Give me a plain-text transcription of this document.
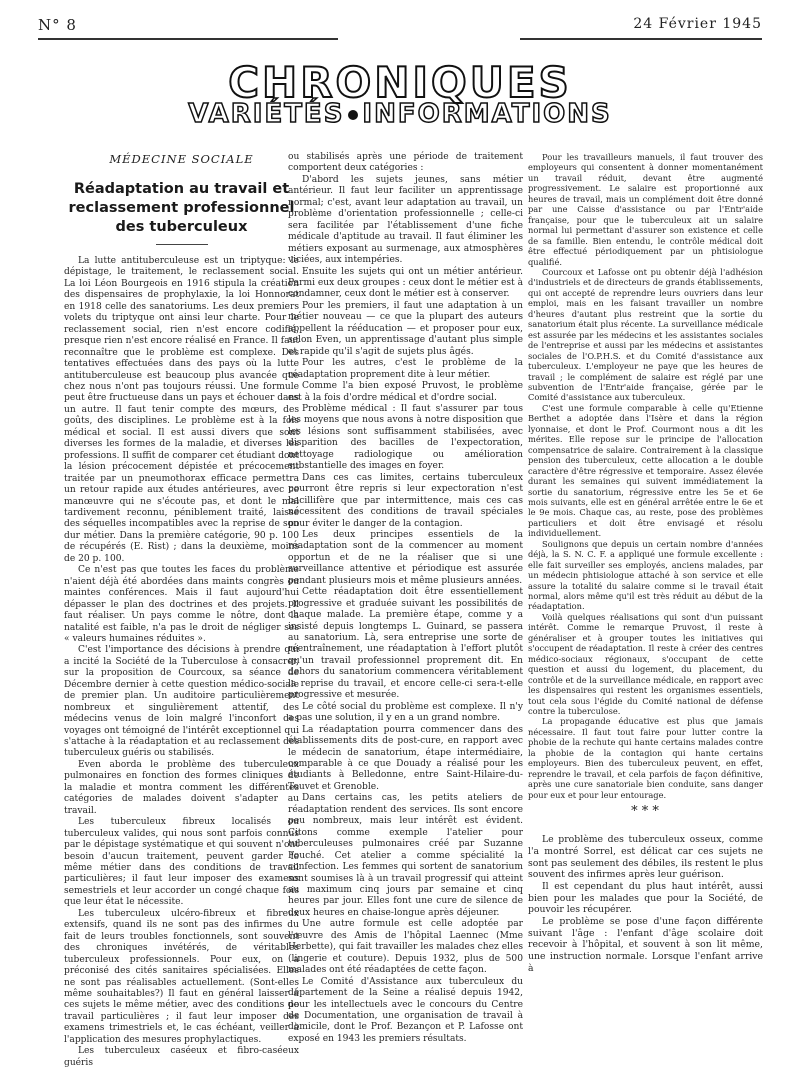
N° 8	24 Février 1945
CHRONIQUES
VARIÉTÉS INFORMATIONS
MÉDECINE SOCIALE
Réadaptation au travail et reclassement professionnel des tuberculeux

La lutte antituberculeuse est un triptyque: le dépistage, le traitement, le reclassement social. La loi Léon Bourgeois en 1916 stipula la création des dispensaires de prophylaxie, la loi Honnorat en 1918 celle des sanatoriums. Les deux premiers volets du triptyque ont ainsi leur charte. Pour le reclassement social, rien n'est encore codifié, presque rien n'est encore réalisé en France. Il faut reconnaître que le problème est complexe. Des tentatives effectuées dans des pays où la lutte antituberculeuse est beaucoup plus avancée que chez nous n'ont pas toujours réussi. Une formule peut être fructueuse dans un pays et échouer dans un autre. Il faut tenir compte des mœurs, des goûts, des disciplines. Le problème est à la fois médical et social. Il est aussi divers que sont diverses les formes de la maladie, et diverses les professions. Il suffit de comparer cet étudiant dont la lésion précocement dépistée et précocement traitée par un pneumothorax efficace permettra un retour rapide aux études antérieures, avec ce manœuvre qui ne s'écoute pas, et dont le mal tardivement reconnu, péniblement traité, laisse des séquelles incompatibles avec la reprise de son dur métier. Dans la première catégorie, 90 p. 100 de récupérés (E. Rist) ; dans la deuxième, moins de 20 p. 100.

Ce n'est pas que toutes les faces du problème n'aient déjà été abordées dans maints congrès ou maintes conférences. Mais il faut aujourd'hui dépasser le plan des doctrines et des projets. Il faut réaliser. Un pays comme le nôtre, dont la natalité est faible, n'a pas le droit de négliger ses « valeurs humaines réduites ».

C'est l'importance des décisions à prendre qui a incité la Société de la Tuberculose à consacrer, sur la proposition de Courcoux, sa séance de Décembre dernier à cette question médico-sociale de premier plan. Un auditoire particulièrement nombreux et singulièrement attentif, des médecins venus de loin malgré l'inconfort des voyages ont témoigné de l'intérêt exceptionnel qui s'attache à la réadaptation et au reclassement des tuberculeux guéris ou stabilisés.

Even aborda le problème des tuberculeux pulmonaires en fonction des formes cliniques de la maladie et montra comment les différentes catégories de malades doivent s'adapter au travail.

Les tuberculeux fibreux localisés ou tuberculeux valides, qui nous sont parfois connus par le dépistage systématique et qui souvent n'ont besoin d'aucun traitement, peuvent garder le même métier dans des conditions de travail particulières; il faut leur imposer des examens semestriels et leur accorder un congé chaque fois que leur état le nécessite.

Les tuberculeux ulcéro-fibreux et fibreux extensifs, quand ils ne sont pas des infirmes du fait de leurs troubles fonctionnels, sont souvent des chroniques invétérés, de véritables tuberculeux professionnels. Pour eux, on a préconisé des cités sanitaires spécialisées. Elles ne sont pas réalisables actuellement. (Sont-elles même souhaitables?) Il faut en général laisser à ces sujets le même métier, avec des conditions de travail particulières ; il faut leur imposer des examens trimestriels et, le cas échéant, veiller à l'application des mesures prophylactiques.

Les tuberculeux caséeux et fibro-caséeux guéris

ou stabilisés après une période de traitement comportent deux catégories :

D'abord les sujets jeunes, sans métier antérieur. Il faut leur faciliter un apprentissage normal; c'est, avant leur adaptation au travail, un problème d'orientation professionnelle ; celle-ci sera facilitée par l'établissement d'une fiche médicale d'aptitude au travail. Il faut éliminer les métiers exposant au surmenage, aux atmosphères viciées, aux intempéries.

Ensuite les sujets qui ont un métier antérieur. Parmi eux deux groupes : ceux dont le métier est à condamner, ceux dont le métier est à conserver.

Pour les premiers, il faut une adaptation à un métier nouveau — ce que la plupart des auteurs appellent la rééducation — et proposer pour eux, selon Even, un apprentissage d'autant plus simple et rapide qu'il s'agit de sujets plus âgés.

Pour les autres, c'est le problème de la réadaptation proprement dite à leur métier.

Comme l'a bien exposé Pruvost, le problème est à la fois d'ordre médical et d'ordre social.

Problème médical : Il faut s'assurer par tous les moyens que nous avons à notre disposition que les lésions sont suffisamment stabilisées, avec disparition des bacilles de l'expectoration, nettoyage radiologique ou amélioration substantielle des images en foyer.

Dans ces cas limites, certains tuberculeux pourront être repris si leur expectoration n'est bacillifère que par intermittence, mais ces cas nécessitent des conditions de travail spéciales pour éviter le danger de la contagion.

Les deux principes essentiels de la réadaptation sont de la commencer au moment opportun et de ne la réaliser que si une surveillance attentive et périodique est assurée pendant plusieurs mois et même plusieurs années.

Cette réadaptation doit être essentiellement progressive et graduée suivant les possibilités de chaque malade. La première étape, comme y a insisté depuis longtemps L. Guinard, se passera au sanatorium. Là, sera entreprise une sorte de réentraînement, une réadaptation à l'effort plutôt qu'un travail professionnel proprement dit. En dehors du sanatorium commencera véritablement la reprise du travail, et encore celle-ci sera-t-elle progressive et mesurée.

Le côté social du problème est complexe. Il n'y a pas une solution, il y en a un grand nombre.

La réadaptation pourra commencer dans des établissements dits de post-cure, en rapport avec le médecin de sanatorium, étape intermédiaire, comparable à ce que Douady a réalisé pour les étudiants à Belledonne, entre Saint-Hilaire-du-Touvet et Grenoble.

Dans certains cas, les petits ateliers de réadaptation rendent des services. Ils sont encore peu nombreux, mais leur intérêt est évident. Citons comme exemple l'atelier pour tuberculeuses pulmonaires créé par Suzanne Fouché. Cet atelier a comme spécialité la confection. Les femmes qui sortent de sanatorium sont soumises là à un travail progressif qui atteint au maximum cinq jours par semaine et cinq heures par jour. Elles font une cure de silence de deux heures en chaise-longue après déjeuner.

Une autre formule est celle adoptée par l'œuvre des Amis de l'hôpital Laennec (Mme Herbette), qui fait travailler les malades chez elles (lingerie et couture). Depuis 1932, plus de 500 malades ont été réadaptées de cette façon.

Le Comité d'Assistance aux tuberculeux du département de la Seine a réalisé depuis 1942, pour les intellectuels avec le concours du Centre de Documentation, une organisation de travail à domicile, dont le Prof. Bezançon et P. Lafosse ont exposé en 1943 les premiers résultats.

Pour les travailleurs manuels, il faut trouver des employeurs qui consentent à donner momentanément un travail réduit, devant être augmenté progressivement. Le salaire est proportionné aux heures de travail, mais un complément doit être donné par une Caisse d'assistance ou par l'Entr'aide française, pour que le tuberculeux ait un salaire normal lui permettant d'assurer son existence et celle de sa famille. Bien entendu, le contrôle médical doit être effectué périodiquement par un phtisiologue qualifié.

Courcoux et Lafosse ont pu obtenir déjà l'adhésion d'industriels et de directeurs de grands établissements, qui ont accepté de reprendre leurs ouvriers dans leur emploi, mais en les faisant travailler un nombre d'heures d'autant plus restreint que la sortie du sanatorium était plus récente. La surveillance médicale est assurée par les médecins et les assistantes sociales de l'entreprise et aussi par les médecins et assistantes sociales de l'O.P.H.S. et du Comité d'assistance aux tuberculeux. L'employeur ne paye que les heures de travail ; le complément de salaire est réglé par une subvention de l'Entr'aide française, gérée par le Comité d'assistance aux tuberculeux.

C'est une formule comparable à celle qu'Etienne Berthet a adoptée dans l'Isère et dans la région lyonnaise, et dont le Prof. Courmont nous a dit les mérites. Elle repose sur le principe de l'allocation compensatrice de salaire. Contrairement à la classique pension des tuberculeux, cette allocation a le double caractère d'être régressive et temporaire. Assez élevée durant les semaines qui suivent immédiatement la sortie du sanatorium, régressive entre les 5e et 6e mois suivants, elle est en général arrêtée entre le 6e et le 9e mois. Chaque cas, au reste, pose des problèmes particuliers et doit être envisagé et résolu individuellement.

Soulignons que depuis un certain nombre d'années déjà, la S. N. C. F. a appliqué une formule excellente : elle fait surveiller ses employés, anciens malades, par un médecin phtisiologue attaché à son service et elle assure la totalité du salaire comme si le travail était normal, alors même qu'il est très réduit au début de la réadaptation.

Voilà quelques réalisations qui sont d'un puissant intérêt. Comme le remarque Pruvost, il reste à généraliser et à grouper toutes les initiatives qui s'occupent de réadaptation. Il reste à créer des centres médico-sociaux régionaux, s'occupant de cette question et aussi du logement, du placement, du contrôle et de la surveillance médicale, en rapport avec les dispensaires qui restent les organismes essentiels, tout cela sous l'égide du Comité national de défense contre la tuberculose.

La propagande éducative est plus que jamais nécessaire. Il faut tout faire pour lutter contre la phobie de la rechute qui hante certains malades contre la phobie de la contagion qui hante certains employeurs. Bien des tuberculeux peuvent, en effet, reprendre le travail, et cela parfois de façon définitive, après une cure sanatoriale bien conduite, sans danger pour eux et pour leur entourage.

* * *

Le problème des tuberculeux osseux, comme l'a montré Sorrel, est délicat car ces sujets ne sont pas seulement des débiles, ils restent le plus souvent des infirmes après leur guérison.

Il est cependant du plus haut intérêt, aussi bien pour les malades que pour la Société, de pouvoir les récupérer.

Le problème se pose d'une façon différente suivant l'âge : l'enfant d'âge scolaire doit recevoir à l'hôpital, et souvent à son lit même, une instruction normale. Lorsque l'enfant arrive à
